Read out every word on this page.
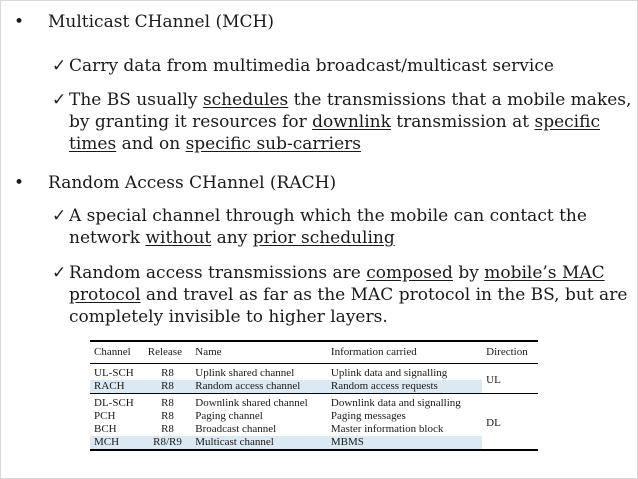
•	Multicast CHannel (MCH)
✓ Carry data from multimedia broadcast/multicast service
✓ The BS usually schedules the transmissions that a mobile makes, by granting it resources for downlink transmission at specific times and on specific sub-carriers
•	Random Access CHannel (RACH)
✓ A special channel through which the mobile can contact the network without any prior scheduling
✓ Random access transmissions are composed by mobile’s MAC protocol and travel as far as the MAC protocol in the BS, but are completely invisible to higher layers.
Channel	Release	Name	Information carried	Direction
UL-SCH	R8	Uplink shared channel	Uplink data and signalling	UL
RACH	R8	Random access channel	Random access requests	
DL-SCH	R8	Downlink shared channel	Downlink data and signalling	DL
PCH	R8	Paging channel	Paging messages	
BCH	R8	Broadcast channel	Master information block	
MCH	R8/R9	Multicast channel	MBMS	
